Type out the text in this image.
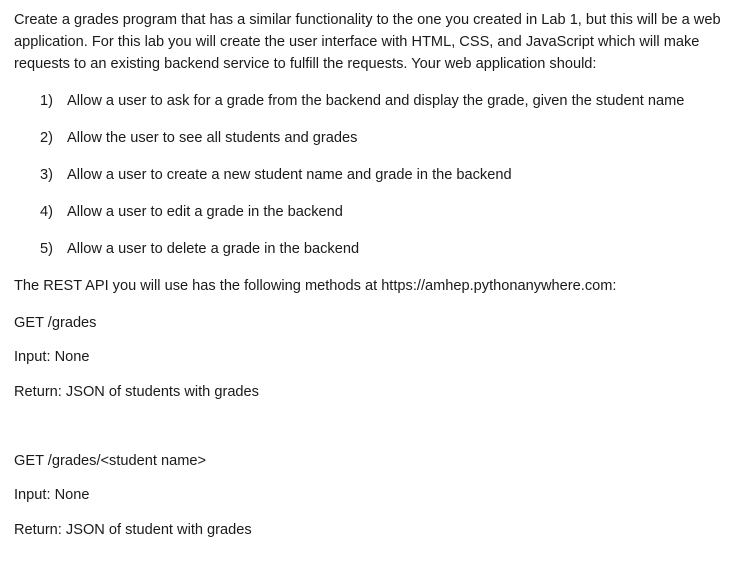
Create a grades program that has a similar functionality to the one you created in Lab 1, but this will be a web application. For this lab you will create the user interface with HTML, CSS, and JavaScript which will make requests to an existing backend service to fulfill the requests. Your web application should:

1) Allow a user to ask for a grade from the backend and display the grade, given the student name
2) Allow the user to see all students and grades
3) Allow a user to create a new student name and grade in the backend
4) Allow a user to edit a grade in the backend
5) Allow a user to delete a grade in the backend

The REST API you will use has the following methods at https://amhep.pythonanywhere.com:

GET /grades

Input: None

Return: JSON of students with grades

GET /grades/<student name>

Input: None

Return: JSON of student with grades
